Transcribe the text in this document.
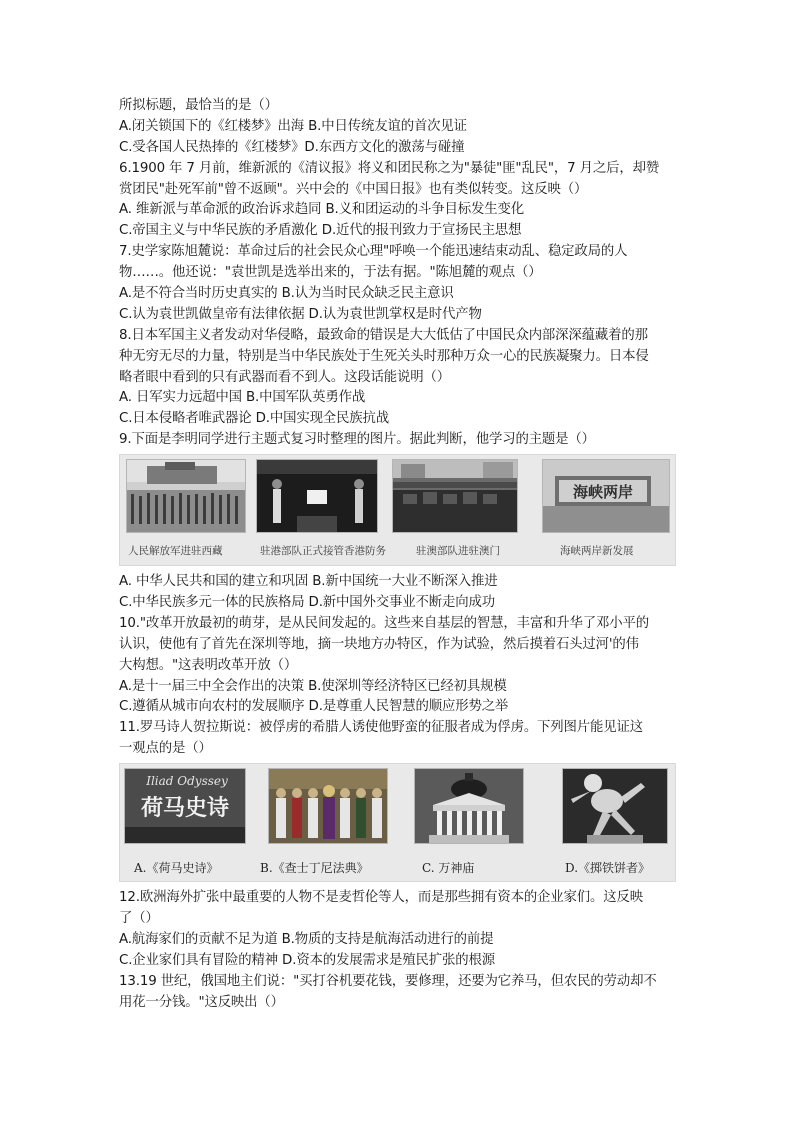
所拟标题，最恰当的是（）
A.闭关锁国下的《红楼梦》出海 B.中日传统友谊的首次见证
C.受各国人民热捧的《红楼梦》D.东西方文化的激荡与碰撞
6.1900 年 7 月前，维新派的《清议报》将义和团民称之为"暴徒"匪"乱民"，7 月之后，却赞
赏团民"赴死军前"曾不返顾"。兴中会的《中国日报》也有类似转变。这反映（）
A. 维新派与革命派的政治诉求趋同 B.义和团运动的斗争目标发生变化
C.帝国主义与中华民族的矛盾激化 D.近代的报刊致力于宣扬民主思想
7.史学家陈旭麓说：革命过后的社会民众心理"呼唤一个能迅速结束动乱、稳定政局的人
物……。他还说："袁世凯是选举出来的，于法有据。"陈旭麓的观点（）
A.是不符合当时历史真实的 B.认为当时民众缺乏民主意识
C.认为袁世凯做皇帝有法律依据 D.认为袁世凯掌权是时代产物
8.日本军国主义者发动对华侵略，最致命的错误是大大低估了中国民众内部深深蕴藏着的那
种无穷无尽的力量，特别是当中华民族处于生死关头时那种万众一心的民族凝聚力。日本侵
略者眼中看到的只有武器而看不到人。这段话能说明（）
A. 日军实力远超中国 B.中国军队英勇作战
C.日本侵略者唯武器论 D.中国实现全民族抗战
9.下面是李明同学进行主题式复习时整理的图片。据此判断，他学习的主题是（）
海峡两岸
人民解放军进驻西藏	驻港部队正式接管香港防务	驻澳部队进驻澳门	海峡两岸新发展
A. 中华人民共和国的建立和巩固 B.新中国统一大业不断深入推进
C.中华民族多元一体的民族格局 D.新中国外交事业不断走向成功
10."改革开放最初的萌芽，是从民间发起的。这些来自基层的智慧，丰富和升华了邓小平的
认识，使他有了首先在深圳等地，摘一块地方办特区，作为试验，然后摸着石头过河'的伟
大构想。"这表明改革开放（）
A.是十一届三中全会作出的决策 B.使深圳等经济特区已经初具规模
C.遵循从城市向农村的发展顺序 D.是尊重人民智慧的顺应形势之举
11.罗马诗人贺拉斯说：被俘虏的希腊人诱使他野蛮的征服者成为俘虏。下列图片能见证这
一观点的是（）
Iliad Odyssey
荷马史诗
A.《荷马史诗》	B.《查士丁尼法典》	C. 万神庙	D.《掷铁饼者》
12.欧洲海外扩张中最重要的人物不是麦哲伦等人，而是那些拥有资本的企业家们。这反映
了（）
A.航海家们的贡献不足为道 B.物质的支持是航海活动进行的前提
C.企业家们具有冒险的精神 D.资本的发展需求是殖民扩张的根源
13.19 世纪，俄国地主们说："买打谷机要花钱，要修理，还要为它养马，但农民的劳动却不
用花一分钱。"这反映出（）
